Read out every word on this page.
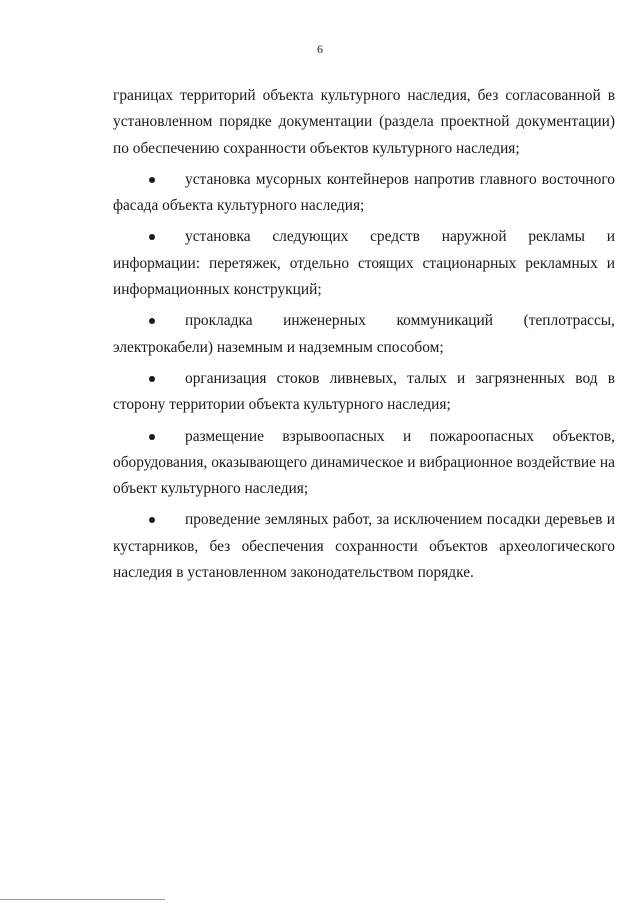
6

границах территорий объекта культурного наследия, без согласованной в установленном порядке документации (раздела проектной документации) по обеспечению сохранности объектов культурного наследия;

установка мусорных контейнеров напротив главного восточного фасада объекта культурного наследия;

установка следующих средств наружной рекламы и информации: перетяжек, отдельно стоящих стационарных рекламных и информационных конструкций;

прокладка инженерных коммуникаций (теплотрассы, электрокабели) наземным и надземным способом;

организация стоков ливневых, талых и загрязненных вод в сторону территории объекта культурного наследия;

размещение взрывоопасных и пожароопасных объектов, оборудования, оказывающего динамическое и вибрационное воздействие на объект культурного наследия;

проведение земляных работ, за исключением посадки деревьев и кустарников, без обеспечения сохранности объектов археологического наследия в установленном законодательством порядке.
